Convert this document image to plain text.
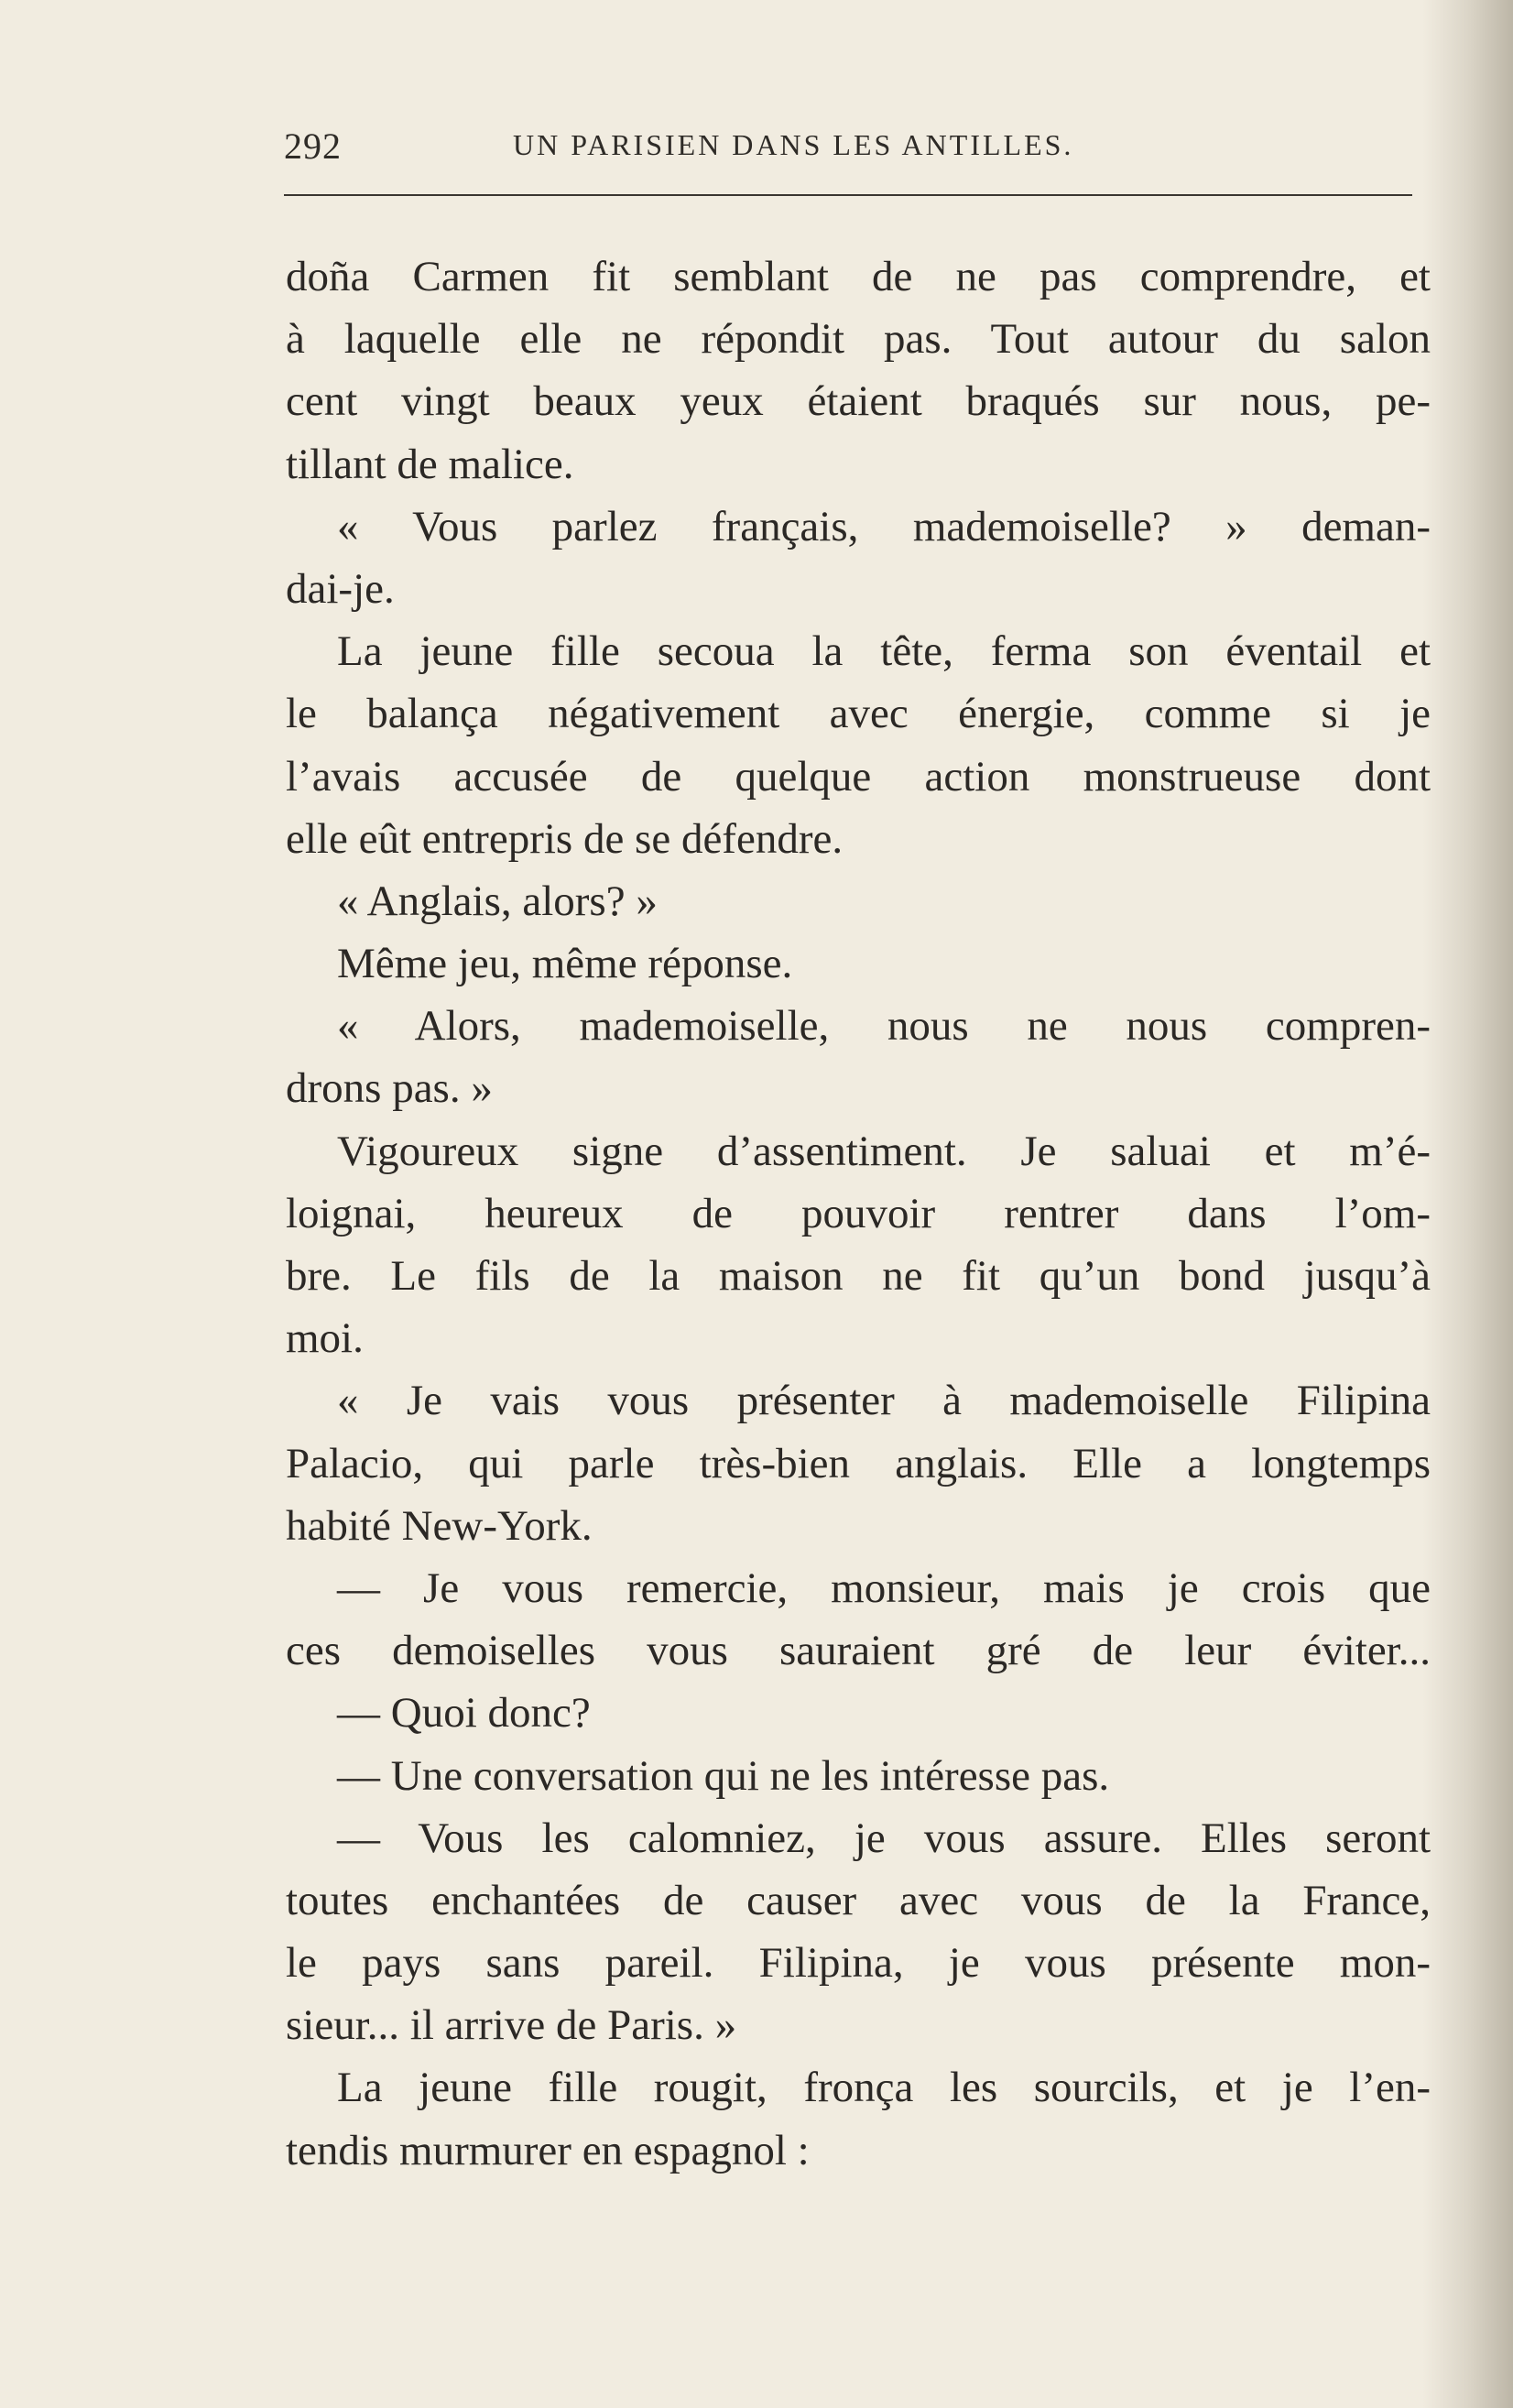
292	UN PARISIEN DANS LES ANTILLES.
doña Carmen fit semblant de ne pas comprendre, et
à laquelle elle ne répondit pas. Tout autour du salon
cent vingt beaux yeux étaient braqués sur nous, pe-
tillant de malice.
« Vous parlez français, mademoiselle? » deman-
dai-je.
La jeune fille secoua la tête, ferma son éventail et
le balança négativement avec énergie, comme si je
l’avais accusée de quelque action monstrueuse dont
elle eût entrepris de se défendre.
« Anglais, alors? »
Même jeu, même réponse.
« Alors, mademoiselle, nous ne nous compren-
drons pas. »
Vigoureux signe d’assentiment. Je saluai et m’é-
loignai, heureux de pouvoir rentrer dans l’om-
bre. Le fils de la maison ne fit qu’un bond jusqu’à
moi.
« Je vais vous présenter à mademoiselle Filipina
Palacio, qui parle très-bien anglais. Elle a longtemps
habité New-York.
— Je vous remercie, monsieur, mais je crois que
ces demoiselles vous sauraient gré de leur éviter...
— Quoi donc?
— Une conversation qui ne les intéresse pas.
— Vous les calomniez, je vous assure. Elles seront
toutes enchantées de causer avec vous de la France,
le pays sans pareil. Filipina, je vous présente mon-
sieur... il arrive de Paris. »
La jeune fille rougit, fronça les sourcils, et je l’en-
tendis murmurer en espagnol :
